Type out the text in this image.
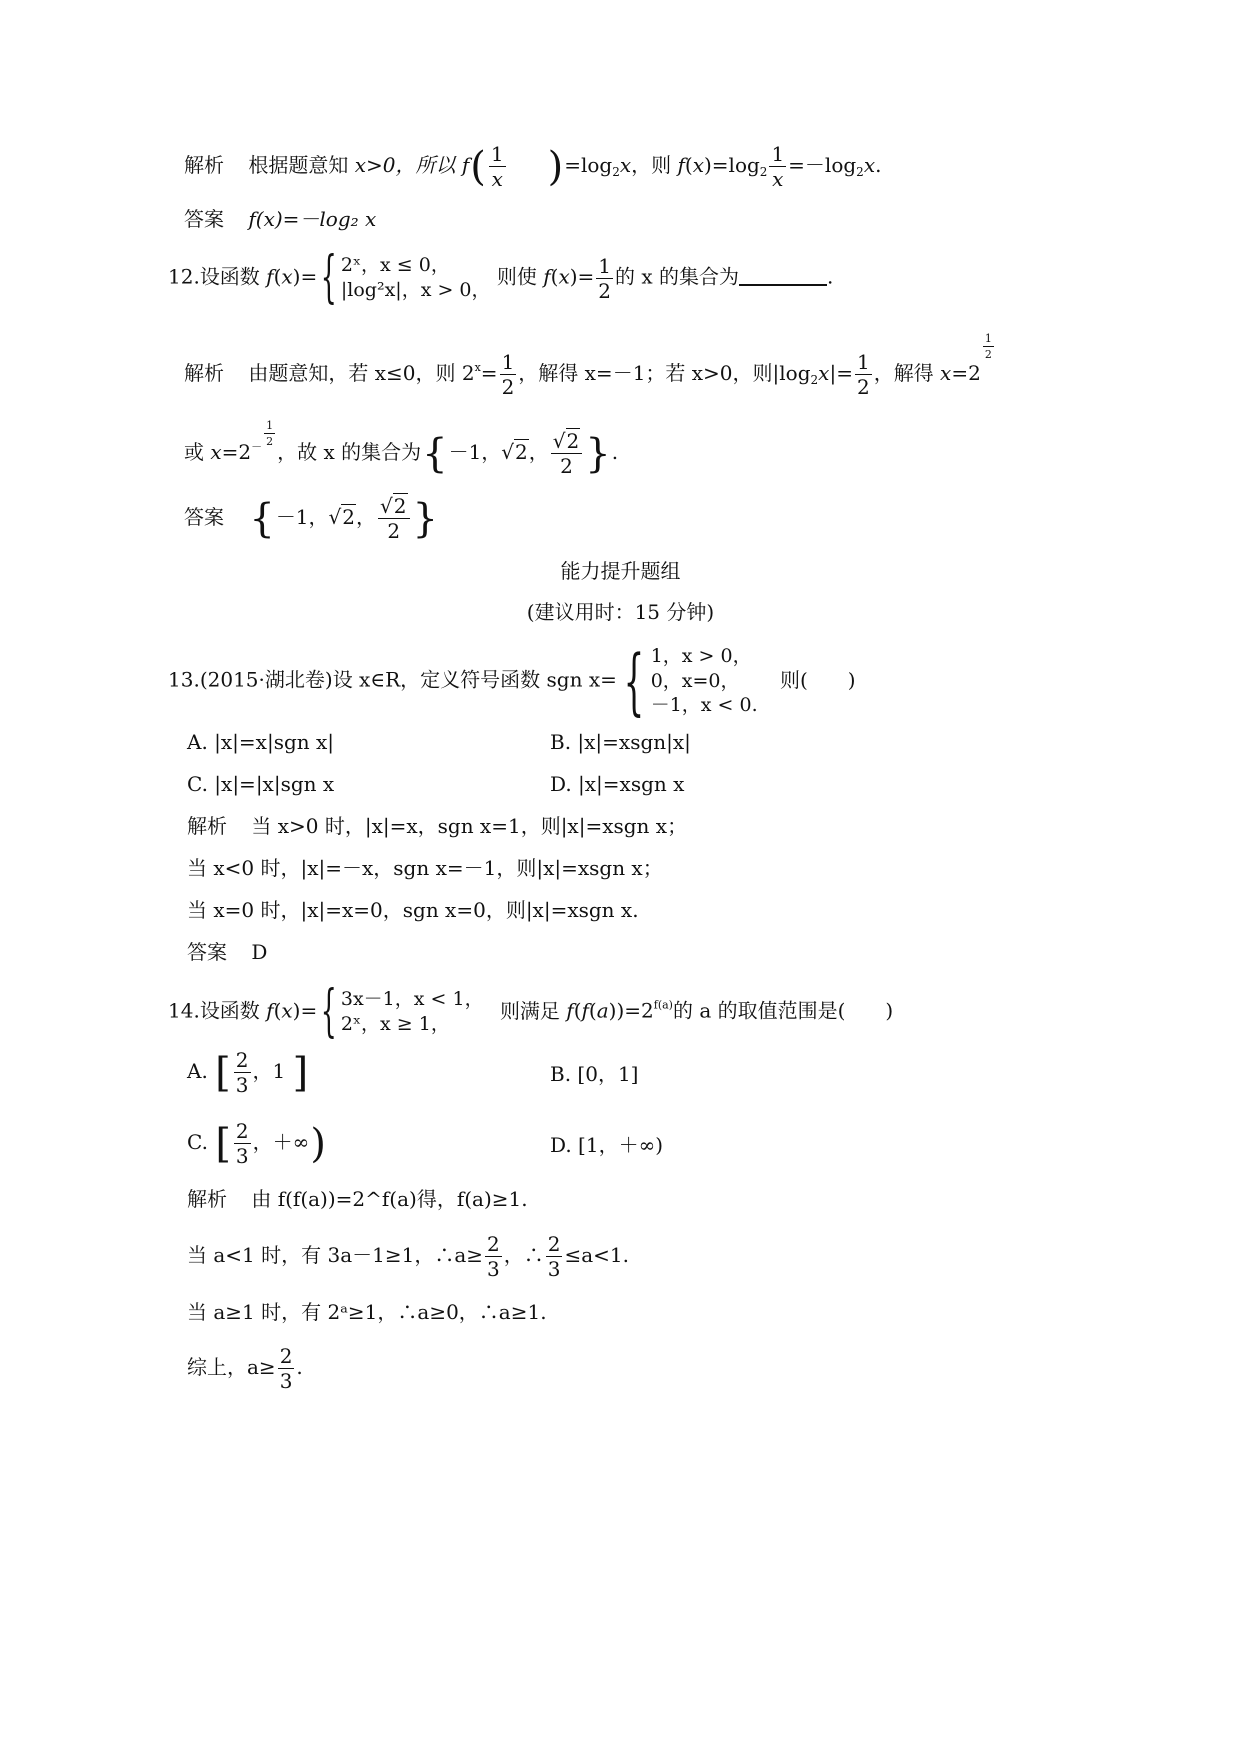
解析 根据题意知 x>0，所以 $f( \frac{1}{x} )=\log_2x$，则 $f(x)=\log_2 \frac{1}{x} =-\log_2x$.
答案 f(x)=－log₂ x
12.设函数 f(x)={ 2ˣ，x ≤ 0，
|log²x|，x > 0，
则使 $f(x)= \frac{1}{2}$ 的 x 的集合为	.
解析 由题意知，若 x≤0，则 $2^x= \frac{1}{2}$ ，解得 x=－1；若 x>0，则$|\log_2x|= \frac{1}{2}$ ，解得 x=2
$\frac{1}{2}$
或 $x=2^- \frac{1}{2}$
，故 x 的集合为{－1，√2， $\frac{√2}{2}$ }.
答案 {－1，√2， $\frac{√2}{2}$ }
能力提升题组
(建议用时：15 分钟)
13.(2015·湖北卷)设 x∈R，定义符号函数 sgn x={ 1，x > 0，
0，x=0，
－1，x < 0.
则(　　)
A. |x|=x|sgn x|	B. |x|=xsgn|x|
C. |x|=|x|sgn x	D. |x|=xsgn x
解析 当 x>0 时，|x|=x，sgn x=1，则|x|=xsgn x；
当 x<0 时，|x|=－x，sgn x=－1，则|x|=xsgn x；
当 x=0 时，|x|=x=0，sgn x=0，则|x|=xsgn x.
答案 D
14.设函数 f(x)={ 3x－1，x < 1，
2ˣ，x ≥ 1，
则满足 $f(f(a))=2^{f(a)}$的 a 的取值范围是(　　)
A. [ $\frac{2}{3}$ ，1 ]	B. [0，1]
C. [ $\frac{2}{3}$ ，＋∞)	D. [1，＋∞)
解析 由 f(f(a))=2^f(a)得，f(a)≥1.
当 a<1 时，有 3a－1≥1，∴a≥ $\frac{2}{3}$ ，∴ $\frac{2}{3} \le a<1$.
当 a≥1 时，有 2ᵃ≥1，∴a≥0，∴a≥1.
综上，$a\ge \frac{2}{3}$ .
